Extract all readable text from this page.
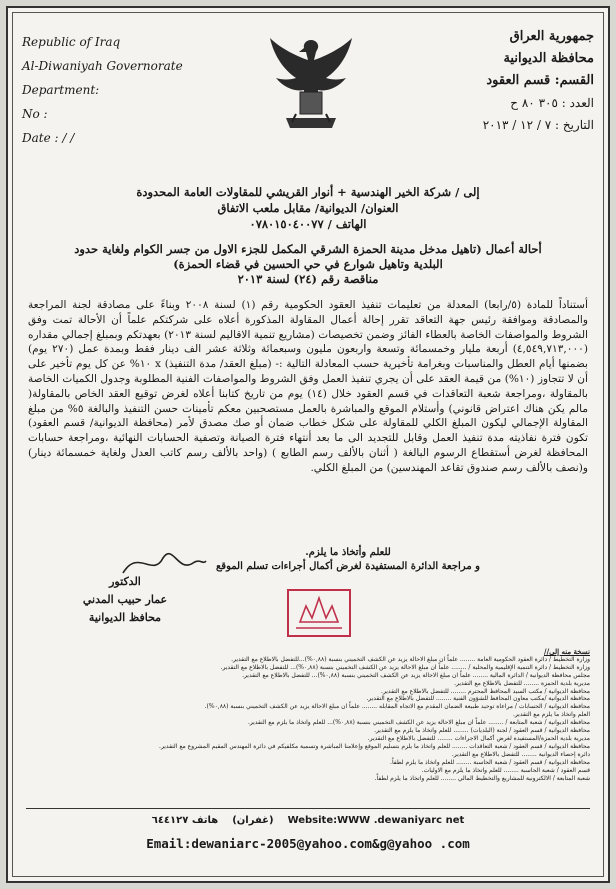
Republic of Iraq
Al-Diwaniyah Governorate
Department:
No :
Date : / /
جمهورية العراق
محافظة الديوانية
القسم: قسم العقود
العدد : ٣٠٥ ٨٠ ح
التاريخ : ٧ / ١٢ / ٢٠١٣
إلى / شركة الخير الهندسية + أنوار القريشي للمقاولات العامة المحدودة
العنوان/ الديوانية/ مقابل ملعب الاتفاق
الهاتف / ٠٧٨٠١٥٠٤٠٠٧٧
أحالة أعمال (تاهيل مدخل مدينة الحمزة الشرقي المكمل للجزء الاول من جسر الكوام ولغاية حدود
البلدية وتاهيل شوارع في حي الحسين في قضاء الحمزة)
مناقصة رقم (٢٤) لسنة ٢٠١٣

أستناداً للمادة (٥/رابعا) المعدلة من تعليمات تنفيذ العقود الحكومية رقم (١) لسنة ٢٠٠٨ وبناءً على مصادقة لجنة المراجعة والمصادقة وموافقة رئيس جهة التعاقد تقرر إحالة أعمال المقاولة المذكورة أعلاه على شركتكم علماً أن الأحالة تمت وفق الشروط والمواصفات الخاصة بالعطاء الفائز وضمن تخصيصات (مشاريع تنمية الاقاليم لسنة ٢٠١٣) بعهدتكم وبمبلغ إجمالي مقداره (٤,٥٤٩,٧١٣,٠٠٠) أربعة مليار وخمسمائة وتسعة واربعون مليون وسبعمائة وثلاثة عشر الف دينار فقط وبمدة عمل (٢٧٠ يوم) بضمنها أيام العطل والمناسبات وبغرامة تأخيرية حسب المعادلة التالية :- (مبلغ العقد/ مدة التنفيذ) x ١٠% عن كل يوم تأخير على أن لا تتجاوز (١٠%) من قيمة العقد على أن يجري تنفيذ العمل وفق الشروط والمواصفات الفنية المطلوبة وجدول الكميات الخاصة بالمقاولة ،ومراجعة شعبة التعاقدات في قسم العقود خلال (١٤) يوم من تاريخ كتابنا أعلاه لغرض توقيع العقد الخاص بالمقاولة( مالم يكن هناك اعتراض قانوني) وأستلام الموقع والمباشرة بالعمل مستصحبين معكم تأمينات حسن التنفيذ والبالغة ٥% من مبلغ المقاولة الإجمالي ليكون المبلغ الكلي للمقاولة على شكل خطاب ضمان أو صك مصدق لأمر (محافظة الديوانية/ قسم العقود) تكون فترة نفاذيته مدة تنفيذ العمل وقابل للتجديد الى ما بعد أنتهاء فترة الصيانة وتصفية الحسابات النهائية ،ومراجعة حسابات المحافظة لغرض أستقطاع الرسوم البالغة ( أثنان بالألف رسم الطابع ) (واحد بالألف رسم كاتب العدل ولغاية خمسمائة دينار) و(نصف بالألف رسم صندوق تقاعد المهندسين) من المبلغ الكلي.

للعلم وأتخاذ ما يلزم.
و مراجعة الدائرة المستفيدة لغرض أكمال أجراءات تسلم الموقع
الدكتور
عمار حبيب المدني
محافظ الديوانية
نسخة منه إلى//
وزارة التخطيط / دائرة العقود الحكومية العامة ........ علماً ان مبلغ الاحالة يزيد عن الكشف التخميني بنسبة (٠,٨٨%)...للتفضل بالاطلاع مع التقدير.
وزارة التخطيط / دائرة التنمية الإقليمية والمحلية / ........ علماً ان مبلغ الاحالة يزيد عن الكشف التخميني بنسبة (٠,٨٨%)... للتفضل بالاطلاع مع التقدير.
مجلس محافظة الديوانية / الدائرة المالية ........ علماً ان مبلغ الاحالة يزيد عن الكشف التخميني بنسبة (٠,٨٨%)... للتفضل بالاطلاع مع التقدير.
مديرية بلدية الحمزة ........ للتفضل بالاطلاع مع التقدير.
محافظة الديوانية / مكتب السيد المحافظ المحترم ........ للتفضل بالاطلاع مع التقدير.
محافظة الديوانية /مكتب معاون المحافظ للشؤون الفنية ........ للتفضل بالاطلاع مع التقدير.
محافظة الديوانية / الحسابات / مراعاة توحيد طبيعة الضمان المقدم مع الاتجاه المقابله ........ علماً ان مبلغ الاحالة يزيد عن الكشف التخميني بنسبة (٠,٨٨%).
العلم واتخاذ ما يلزم مع التقدير.
محافظة الديوانية / شعبة المتابعة / ........ علماً ان مبلغ الاحالة يزيد عن الكشف التخميني بنسبة (٠,٨٨%)... للعلم واتخاذ ما يلزم مع التقدير.
محافظة الديوانية / قسم العقود / لجنة (البلديات) ........ للعلم واتخاذ ما يلزم مع التقدير.
مديرية بلدية الحمزة/المستفيدة لغرض أكمال الاجراءات ........ للتفضل بالاطلاع مع التقدير.
محافظة الديوانية / قسم العقود / شعبة التعاقدات ........ للعلم واتخاذ ما يلزم بتسليم الموقع وإعلامنا المباشرة وتسمية مكلفيكم في دائرة المهندس المقيم المشروع مع التقدير.
دائرة إحصاء الديوانية ........ للتفضل بالاطلاع مع التقدير.
محافظة الديوانية / قسم العقود / شعبة الحاسبة ........ للعلم واتخاذ ما يلزم لطفاً.
قسم العقود / شعبة الحاسبة ........ للعلم واتخاذ ما يلزم مع الاوليات.
شعبة المتابعة / الالكترونية للمشاريع والتخطيط المالي ........ للعلم واتخاذ ما يلزم لطفاً.
هاتف ٦٤٤١٢٧ (غفران) Website:WWW .dewaniyarc net
Email:dewaniarc-2005@yahoo.com&g@yahoo .com
